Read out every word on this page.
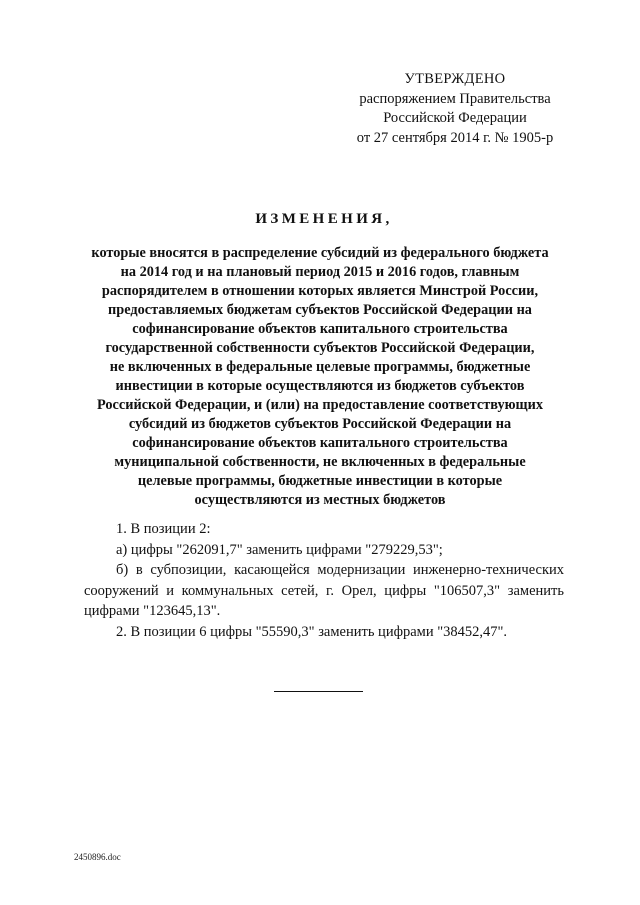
УТВЕРЖДЕНО
распоряжением Правительства
Российской Федерации
от 27 сентября 2014 г. № 1905-р
ИЗМЕНЕНИЯ,
которые вносятся в распределение субсидий из федерального бюджета
на 2014 год и на плановый период 2015 и 2016 годов, главным
распорядителем в отношении которых является Минстрой России,
предоставляемых бюджетам субъектов Российской Федерации на
софинансирование объектов капитального строительства
государственной собственности субъектов Российской Федерации,
не включенных в федеральные целевые программы, бюджетные
инвестиции в которые осуществляются из бюджетов субъектов
Российской Федерации, и (или) на предоставление соответствующих
субсидий из бюджетов субъектов Российской Федерации на
софинансирование объектов капитального строительства
муниципальной собственности, не включенных в федеральные
целевые программы, бюджетные инвестиции в которые
осуществляются из местных бюджетов

1. В позиции 2:

а) цифры "262091,7" заменить цифрами "279229,53";

б) в субпозиции, касающейся модернизации инженерно-технических

сооружений и коммунальных сетей, г. Орел, цифры "106507,3" заменить

цифрами "123645,13".

2. В позиции 6 цифры "55590,3" заменить цифрами "38452,47".

2450896.doc
